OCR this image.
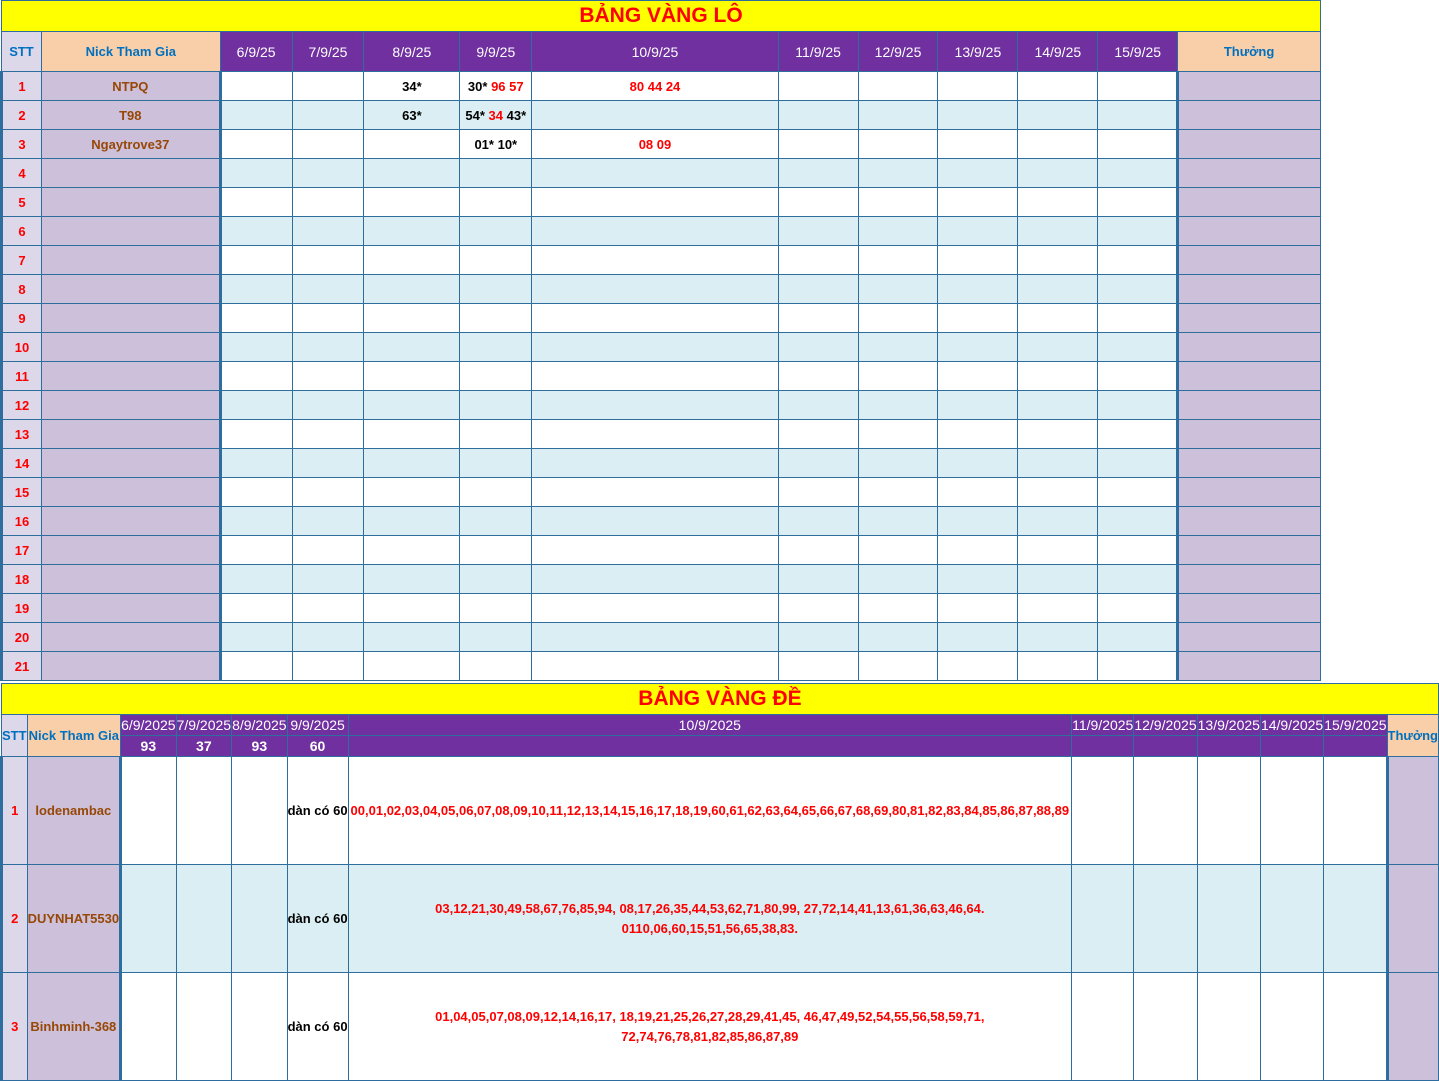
BẢNG VÀNG LÔ												
STT	Nick Tham Gia	6/9/25	7/9/25	8/9/25	9/9/25	10/9/25	11/9/25	12/9/25	13/9/25	14/9/25	15/9/25	Thưởng
1	NTPQ			34*	30* 96 57	80 44 24						
2	T98			63*	54* 34 43*							
3	Ngaytrove37				01* 10*	08 09						
4												
5												
6												
7												
8												
9												
10												
11												
12												
13												
14												
15												
16												
17												
18												
19												
20												
21												
BẢNG VÀNG ĐỀ												
STT	Nick Tham Gia	6/9/2025	7/9/2025	8/9/2025	9/9/2025	10/9/2025	11/9/2025	12/9/2025	13/9/2025	14/9/2025	15/9/2025	Thưởng
		93	37	93	60							
1	lodenambac				dàn có 60	00,01,02,03,04,05,06,07,08,09,10,11,12,13,14,15,16,17,18,19,60,61,62,63,64,65,66,67,68,69,80,81,82,83,84,85,86,87,88,89						

2	DUYNHAT5530				dàn có 60	03,12,21,30,49,58,67,76,85,94, 08,17,26,35,44,53,62,71,80,99, 27,72,14,41,13,61,36,63,46,64. 0110,06,60,15,51,56,65,38,83.						

3	Binhminh-368				dàn có 60	01,04,05,07,08,09,12,14,16,17, 18,19,21,25,26,27,28,29,41,45, 46,47,49,52,54,55,56,58,59,71, 72,74,76,78,81,82,85,86,87,89						
